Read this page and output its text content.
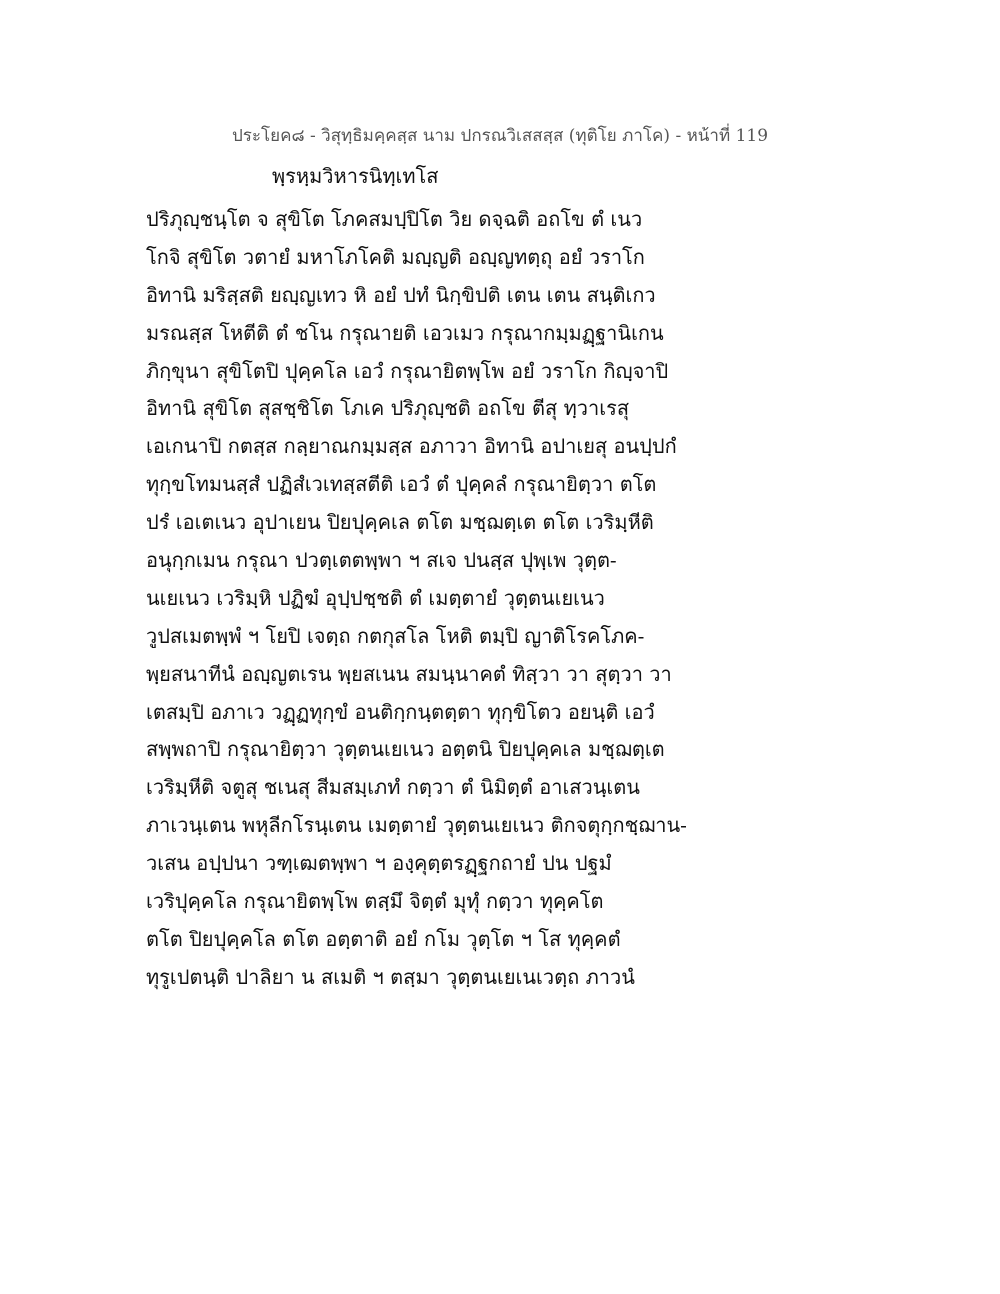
ประโยค๘ - วิสุทฺธิมคฺคสฺส นาม ปกรณวิเสสสฺส (ทุติโย ภาโค) - หน้าที่ 119
พฺรหฺมวิหารนิทฺเทโส
ปริภุญฺชนฺโต จ สุขิโต โภคสมปฺปิโต วิย ดจฺฉติ อถโข ตํ เนว
โกจิ สุขิโต วตายํ มหาโภโคติ มญฺญติ อญฺญทตฺถุ อยํ วราโก
อิทานิ มริสฺสติ ยญฺญเทว หิ อยํ ปทํ นิกฺขิปติ เตน เตน สนฺติเกว
มรณสฺส โหตีติ ตํ ชโน กรุณายติ เอวเมว กรุณากมฺมฏฺฐานิเกน
ภิกฺขุนา สุขิโตปิ ปุคฺคโล เอวํ กรุณายิตพฺโพ อยํ วราโก กิญฺจาปิ
อิทานิ สุขิโต สุสชฺชิโต โภเค ปริภุญฺชติ อถโข ตีสุ ทฺวาเรสุ
เอเกนาปิ กตสฺส กลฺยาณกมฺมสฺส อภาวา อิทานิ อปาเยสุ อนปฺปกํ
ทุกฺขโทมนสฺสํ ปฏิสํเวเทสฺสตีติ เอวํ ตํ ปุคฺคลํ กรุณายิตฺวา ตโต
ปรํ เอเตเนว อุปาเยน ปิยปุคฺคเล ตโต มชฺฌตฺเต ตโต เวริมฺหีติ
อนุกฺกเมน กรุณา ปวตฺเตตพฺพา ฯ สเจ ปนสฺส ปุพฺเพ วุตฺต-
นเยเนว เวริมฺหิ ปฏิฆํ อุปฺปชฺชติ ตํ เมตฺตายํ วุตฺตนเยเนว
วูปสเมตพฺพํ ฯ โยปิ เจตฺถ กตกุสโล โหติ ตมฺปิ ญาติโรคโภค-
พฺยสนาทีนํ อญฺญตเรน พฺยสเนน สมนฺนาคตํ ทิสฺวา วา สุตฺวา วา
เตสมฺปิ อภาเว วฏฺฏทุกฺขํ อนติกฺกนฺตตฺตา ทุกฺขิโตว อยนฺติ เอวํ
สพฺพถาปิ กรุณายิตฺวา วุตฺตนเยเนว อตฺตนิ ปิยปุคฺคเล มชฺฌตฺเต
เวริมฺหีติ จตูสุ ชเนสุ สีมสมฺเภทํ กตฺวา ตํ นิมิตฺตํ อาเสวนฺเตน
ภาเวนฺเตน พหุลีกโรนฺเตน เมตฺตายํ วุตฺตนเยเนว ติกจตุกฺกชฺฌาน-
วเสน อปฺปนา วฑฺเฒตพฺพา ฯ องฺคุตฺตรฏฺฐกถายํ ปน ปฐมํ
เวริปุคฺคโล กรุณายิตพฺโพ ตสฺมึ จิตฺตํ มุทุํ กตฺวา ทุคฺคโต
ตโต ปิยปุคฺคโล ตโต อตฺตาติ อยํ กโม วุตฺโต ฯ โส ทุคฺคตํ
ทุรูเปตนฺติ ปาลิยา น สเมติ ฯ ตสฺมา วุตฺตนเยเนเวตฺถ ภาวนํ
